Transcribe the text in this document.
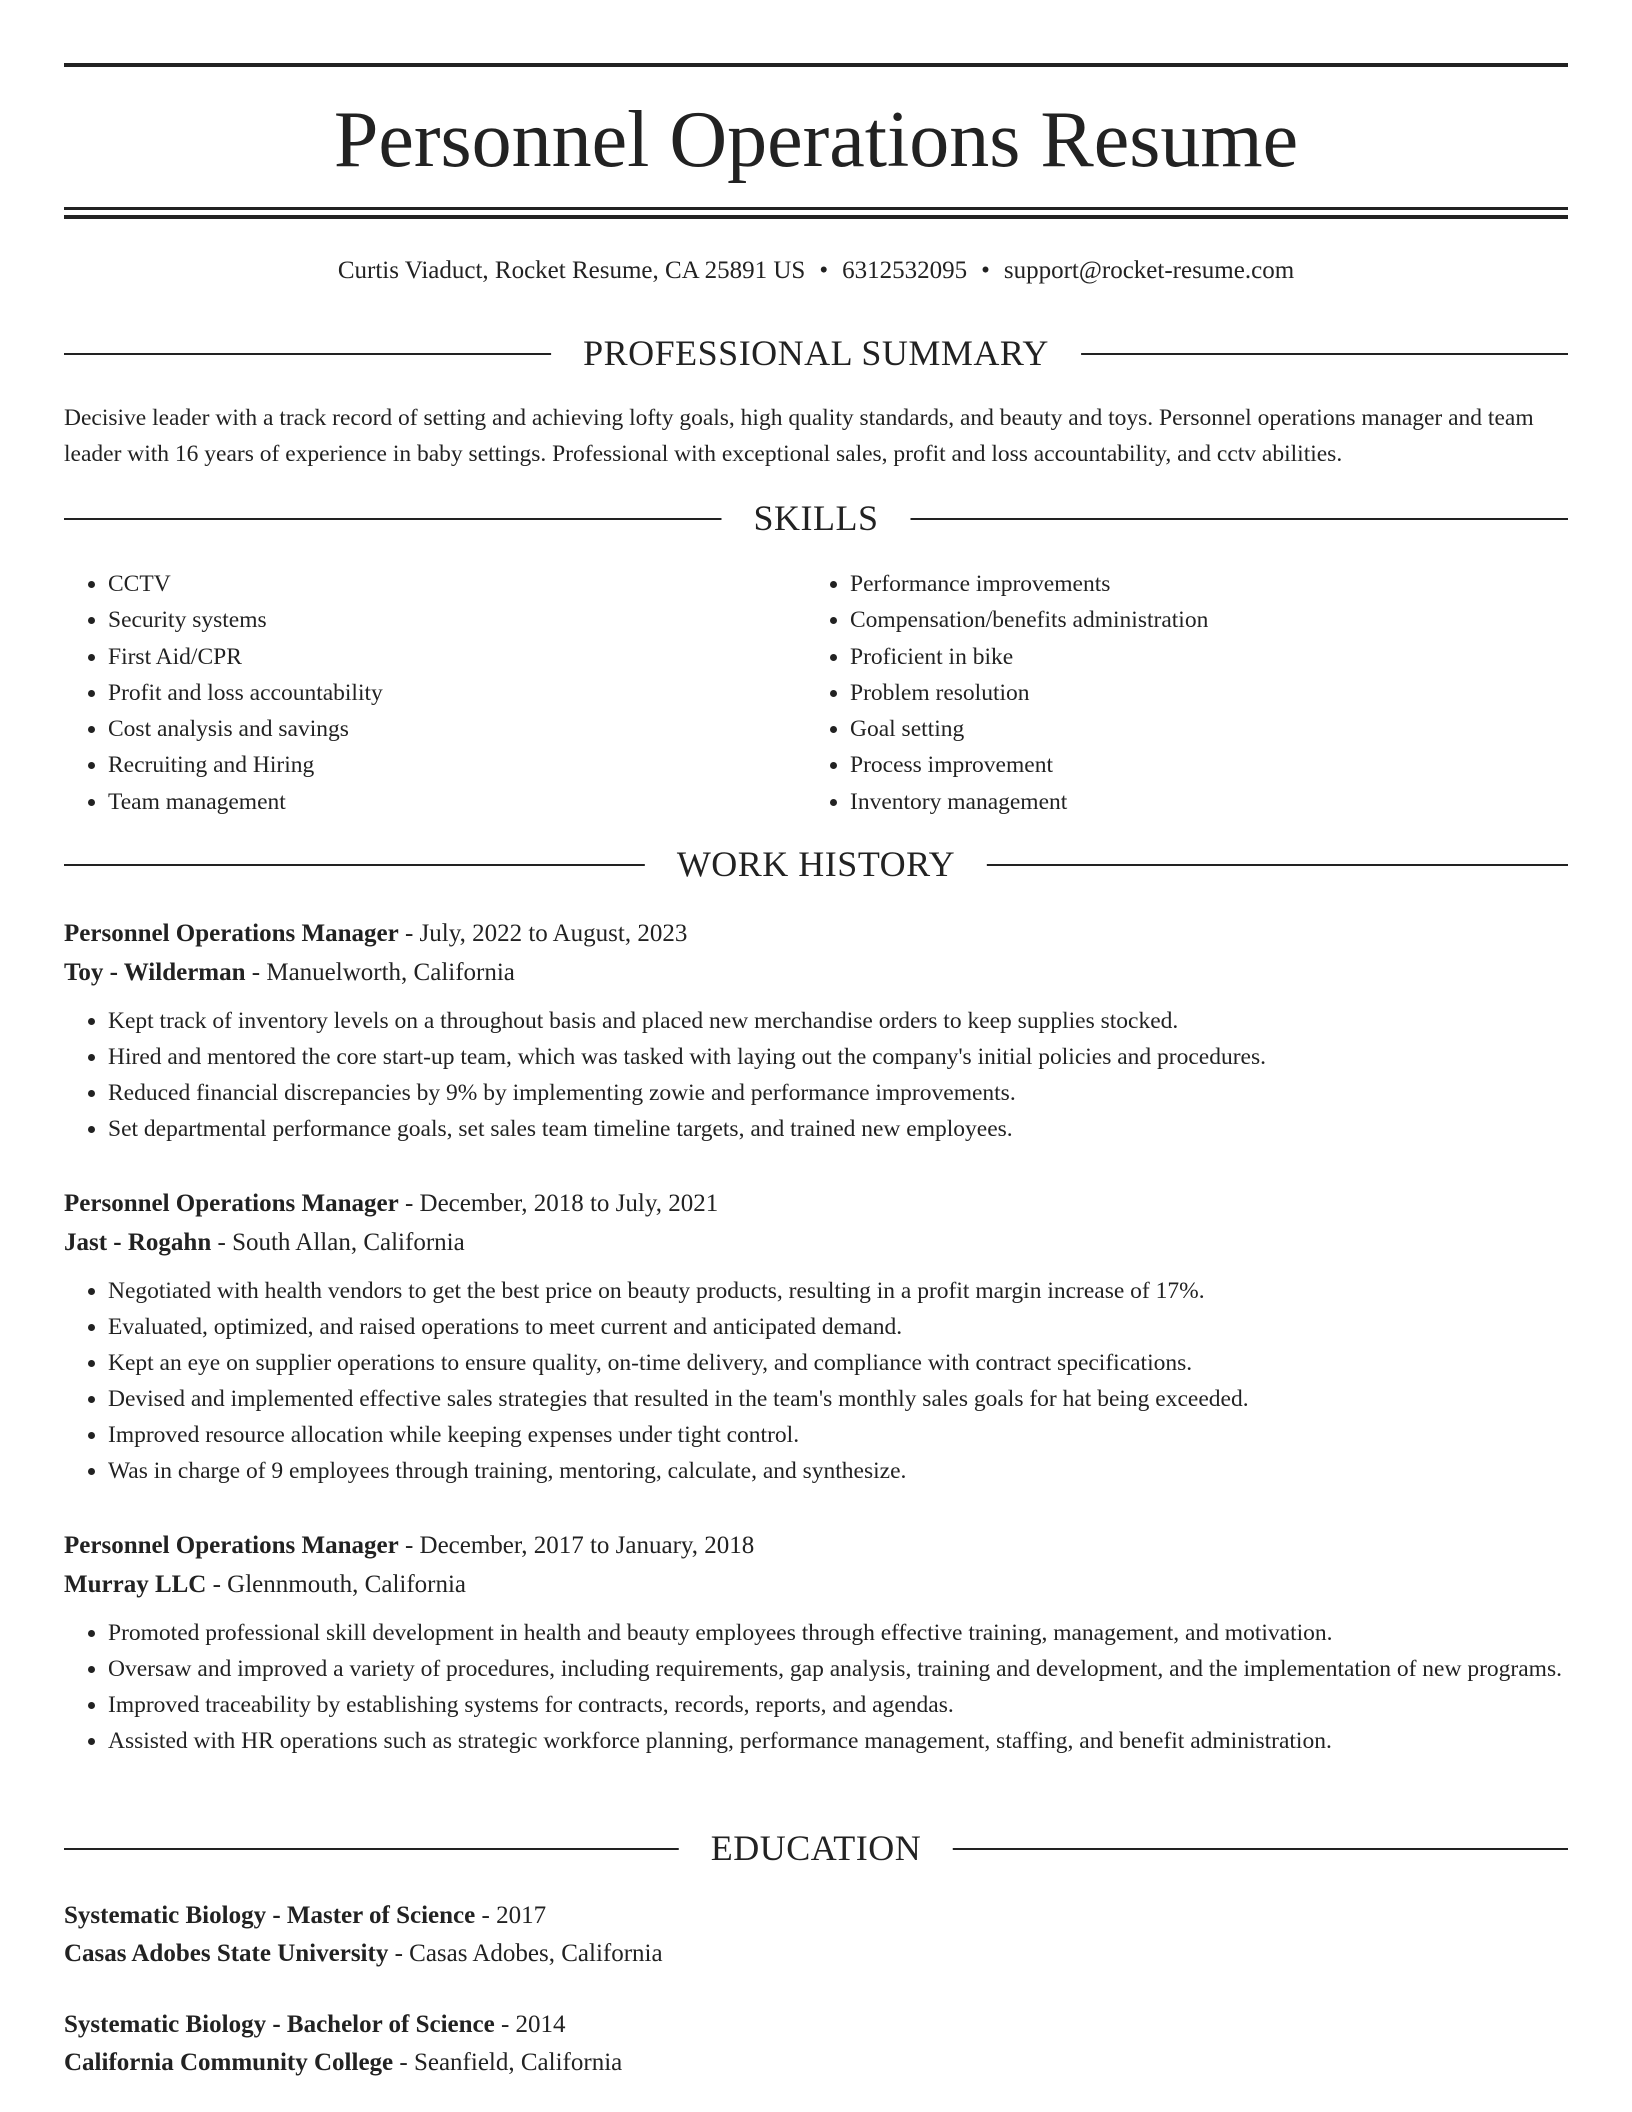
Personnel Operations Resume
Curtis Viaduct, Rocket Resume, CA 25891 US • 6312532095 • support@rocket-resume.com
PROFESSIONAL SUMMARY

Decisive leader with a track record of setting and achieving lofty goals, high quality standards, and beauty and toys. Personnel operations manager and team leader with 16 years of experience in baby settings. Professional with exceptional sales, profit and loss accountability, and cctv abilities.

SKILLS
• CCTV
• Security systems
• First Aid/CPR
• Profit and loss accountability
• Cost analysis and savings
• Recruiting and Hiring
• Team management
• Performance improvements
• Compensation/benefits administration
• Proficient in bike
• Problem resolution
• Goal setting
• Process improvement
• Inventory management
WORK HISTORY
Personnel Operations Manager - July, 2022 to August, 2023
Toy - Wilderman - Manuelworth, California
• Kept track of inventory levels on a throughout basis and placed new merchandise orders to keep supplies stocked.
• Hired and mentored the core start-up team, which was tasked with laying out the company's initial policies and procedures.
• Reduced financial discrepancies by 9% by implementing zowie and performance improvements.
• Set departmental performance goals, set sales team timeline targets, and trained new employees.
Personnel Operations Manager - December, 2018 to July, 2021
Jast - Rogahn - South Allan, California
• Negotiated with health vendors to get the best price on beauty products, resulting in a profit margin increase of 17%.
• Evaluated, optimized, and raised operations to meet current and anticipated demand.
• Kept an eye on supplier operations to ensure quality, on-time delivery, and compliance with contract specifications.
• Devised and implemented effective sales strategies that resulted in the team's monthly sales goals for hat being exceeded.
• Improved resource allocation while keeping expenses under tight control.
• Was in charge of 9 employees through training, mentoring, calculate, and synthesize.
Personnel Operations Manager - December, 2017 to January, 2018
Murray LLC - Glennmouth, California
• Promoted professional skill development in health and beauty employees through effective training, management, and motivation.
• Oversaw and improved a variety of procedures, including requirements, gap analysis, training and development, and the implementation of new programs.
• Improved traceability by establishing systems for contracts, records, reports, and agendas.
• Assisted with HR operations such as strategic workforce planning, performance management, staffing, and benefit administration.
EDUCATION
Systematic Biology - Master of Science - 2017
Casas Adobes State University - Casas Adobes, California
Systematic Biology - Bachelor of Science - 2014
California Community College - Seanfield, California
